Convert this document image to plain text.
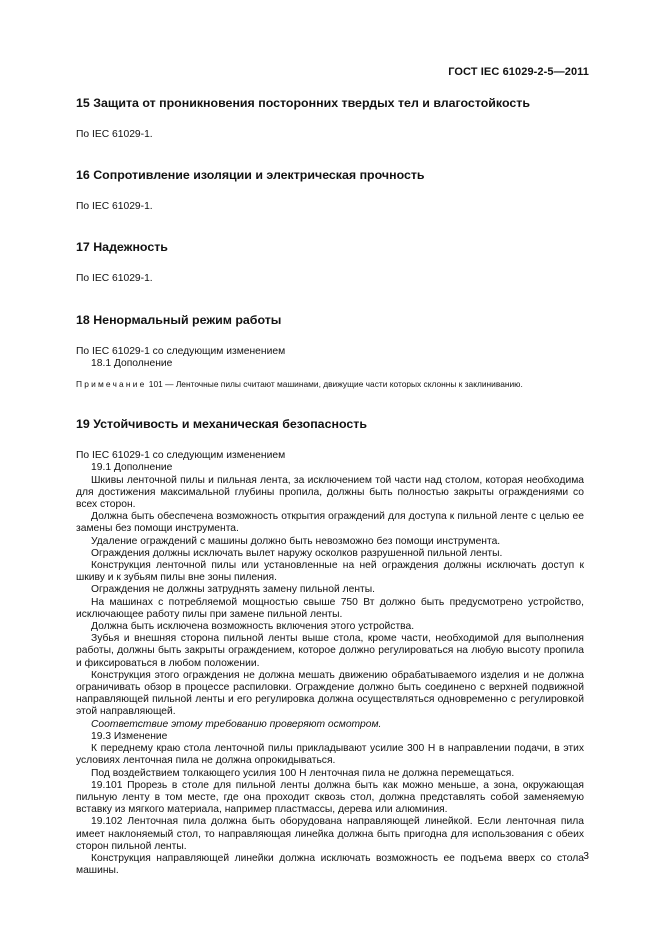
ГОСТ IEC 61029-2-5—2011
15 Защита от проникновения посторонних твердых тел и влагостойкость

По IEC 61029-1.

16 Сопротивление изоляции и электрическая прочность

По IEC 61029-1.

17 Надежность

По IEC 61029-1.

18 Ненормальный режим работы

По IEC 61029-1 со следующим изменением

18.1 Дополнение

Примечание 101 — Ленточные пилы считают машинами, движущие части которых склонны к заклиниванию.

19 Устойчивость и механическая безопасность

По IEC 61029-1 со следующим изменением

19.1 Дополнение

Шкивы ленточной пилы и пильная лента, за исключением той части над столом, которая необходима для достижения максимальной глубины пропила, должны быть полностью закрыты ограждениями со всех сторон.

Должна быть обеспечена возможность открытия ограждений для доступа к пильной ленте с целью ее замены без помощи инструмента.

Удаление ограждений с машины должно быть невозможно без помощи инструмента.

Ограждения должны исключать вылет наружу осколков разрушенной пильной ленты.

Конструкция ленточной пилы или установленные на ней ограждения должны исключать доступ к шкиву и к зубьям пилы вне зоны пиления.

Ограждения не должны затруднять замену пильной ленты.

На машинах с потребляемой мощностью свыше 750 Вт должно быть предусмотрено устройство, исключающее работу пилы при замене пильной ленты.

Должна быть исключена возможность включения этого устройства.

Зубья и внешняя сторона пильной ленты выше стола, кроме части, необходимой для выполнения работы, должны быть закрыты ограждением, которое должно регулироваться на любую высоту пропила и фиксироваться в любом положении.

Конструкция этого ограждения не должна мешать движению обрабатываемого изделия и не должна ограничивать обзор в процессе распиловки. Ограждение должно быть соединено с верхней подвижной направляющей пильной ленты и его регулировка должна осуществляться одновременно с регулировкой этой направляющей.

Соответствие этому требованию проверяют осмотром.

19.3 Изменение

К переднему краю стола ленточной пилы прикладывают усилие 300 Н в направлении подачи, в этих условиях ленточная пила не должна опрокидываться.

Под воздействием толкающего усилия 100 Н ленточная пила не должна перемещаться.

19.101 Прорезь в столе для пильной ленты должна быть как можно меньше, а зона, окружающая пильную ленту в том месте, где она проходит сквозь стол, должна представлять собой заменяемую вставку из мягкого материала, например пластмассы, дерева или алюминия.

19.102 Ленточная пила должна быть оборудована направляющей линейкой. Если ленточная пила имеет наклоняемый стол, то направляющая линейка должна быть пригодна для использования с обеих сторон пильной ленты.

Конструкция направляющей линейки должна исключать возможность ее подъема вверх со стола машины.

3
